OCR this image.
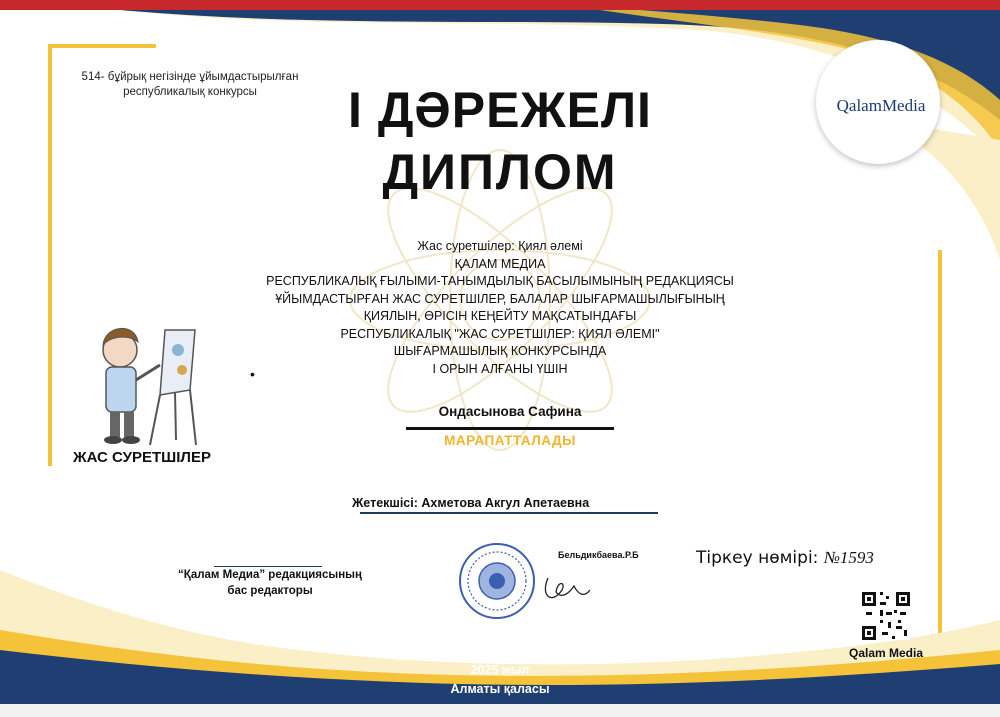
514- бұйрық негізінде ұйымдастырылған республикалық конкурсы
QalamMedia
І ДӘРЕЖЕЛІ
ДИПЛОМ
Жас суретшілер: Қиял әлемі
ҚАЛАМ МЕДИА
РЕСПУБЛИКАЛЫҚ ҒЫЛЫМИ-ТАНЫМДЫЛЫҚ БАСЫЛЫМЫНЫҢ РЕДАКЦИЯСЫ
ҰЙЫМДАСТЫРҒАН ЖАС СУРЕТШІЛЕР, БАЛАЛАР ШЫҒАРМАШЫЛЫҒЫНЫҢ
ҚИЯЛЫН, ӨРІСІН КЕҢЕЙТУ МАҚСАТЫНДАҒЫ
РЕСПУБЛИКАЛЫҚ "ЖАС СУРЕТШІЛЕР: ҚИЯЛ ӘЛЕМІ"
ШЫҒАРМАШЫЛЫҚ КОНКУРСЫНДА
І ОРЫН АЛҒАНЫ ҮШІН
•
Ондасынова Сафина
МАРАПАТТАЛАДЫ
ЖАС СУРЕТШІЛЕР
Жетекшісі: Ахметова Акгул Апетаевна
“Қалам Медиа” редакциясының
бас редакторы
Бельдикбаева.Р.Б	Тіркеу нөмірі: №1593
Qalam Media
2025 жыл
Алматы қаласы
